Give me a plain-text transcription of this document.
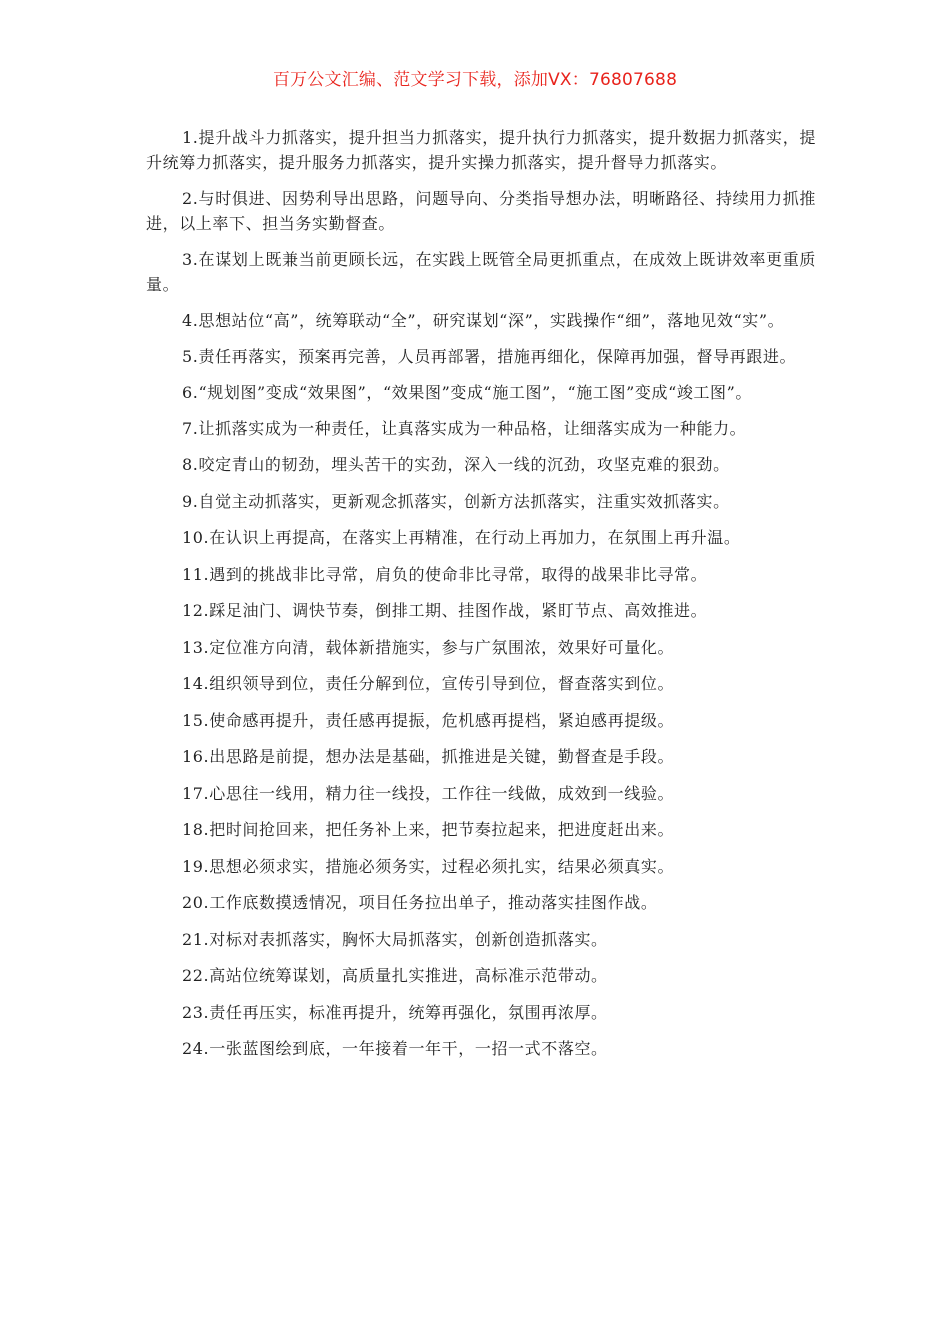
百万公文汇编、范文学习下载，添加VX：76807688

1.提升战斗力抓落实，提升担当力抓落实，提升执行力抓落实，提升数据力抓落实，提升统筹力抓落实，提升服务力抓落实，提升实操力抓落实，提升督导力抓落实。

2.与时俱进、因势利导出思路，问题导向、分类指导想办法，明晰路径、持续用力抓推进，以上率下、担当务实勤督查。

3.在谋划上既兼当前更顾长远，在实践上既管全局更抓重点，在成效上既讲效率更重质量。

4.思想站位“高”，统筹联动“全”，研究谋划“深”，实践操作“细”，落地见效“实”。

5.责任再落实，预案再完善，人员再部署，措施再细化，保障再加强，督导再跟进。

6.“规划图”变成“效果图”，“效果图”变成“施工图”，“施工图”变成“竣工图”。

7.让抓落实成为一种责任，让真落实成为一种品格，让细落实成为一种能力。

8.咬定青山的韧劲，埋头苦干的实劲，深入一线的沉劲，攻坚克难的狠劲。

9.自觉主动抓落实，更新观念抓落实，创新方法抓落实，注重实效抓落实。

10.在认识上再提高，在落实上再精准，在行动上再加力，在氛围上再升温。

11.遇到的挑战非比寻常，肩负的使命非比寻常，取得的战果非比寻常。

12.踩足油门、调快节奏，倒排工期、挂图作战，紧盯节点、高效推进。

13.定位准方向清，载体新措施实，参与广氛围浓，效果好可量化。

14.组织领导到位，责任分解到位，宣传引导到位，督查落实到位。

15.使命感再提升，责任感再提振，危机感再提档，紧迫感再提级。

16.出思路是前提，想办法是基础，抓推进是关键，勤督查是手段。

17.心思往一线用，精力往一线投，工作往一线做，成效到一线验。

18.把时间抢回来，把任务补上来，把节奏拉起来，把进度赶出来。

19.思想必须求实，措施必须务实，过程必须扎实，结果必须真实。

20.工作底数摸透情况，项目任务拉出单子，推动落实挂图作战。

21.对标对表抓落实，胸怀大局抓落实，创新创造抓落实。

22.高站位统筹谋划，高质量扎实推进，高标准示范带动。

23.责任再压实，标准再提升，统筹再强化，氛围再浓厚。

24.一张蓝图绘到底，一年接着一年干，一招一式不落空。
